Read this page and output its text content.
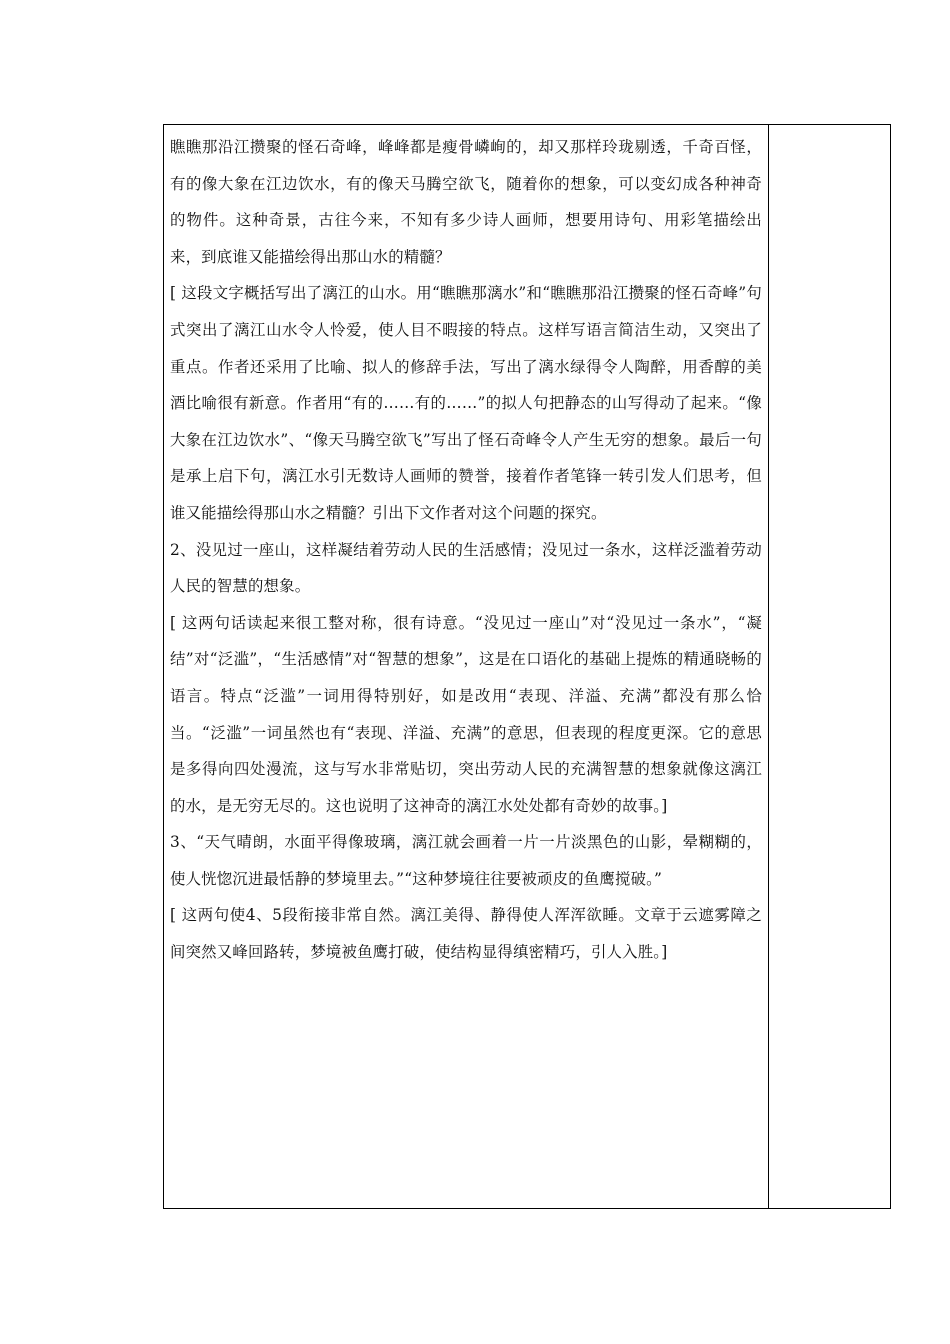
瞧瞧那沿江攒聚的怪石奇峰，峰峰都是瘦骨嶙峋的，却又那样玲珑剔透，千奇百怪，有的像大象在江边饮水，有的像天马腾空欲飞，随着你的想象，可以变幻成各种神奇的物件。这种奇景，古往今来，不知有多少诗人画师，想要用诗句、用彩笔描绘出来，到底谁又能描绘得出那山水的精髓？

[ 这段文字概括写出了漓江的山水。用“瞧瞧那漓水”和“瞧瞧那沿江攒聚的怪石奇峰”句式突出了漓江山水令人怜爱，使人目不暇接的特点。这样写语言简洁生动，又突出了重点。作者还采用了比喻、拟人的修辞手法，写出了漓水绿得令人陶醉，用香醇的美酒比喻很有新意。作者用“有的……有的……”的拟人句把静态的山写得动了起来。“像大象在江边饮水”、“像天马腾空欲飞”写出了怪石奇峰令人产生无穷的想象。最后一句是承上启下句，漓江水引无数诗人画师的赞誉，接着作者笔锋一转引发人们思考，但谁又能描绘得那山水之精髓？引出下文作者对这个问题的探究。

2、没见过一座山，这样凝结着劳动人民的生活感情；没见过一条水，这样泛滥着劳动人民的智慧的想象。

[ 这两句话读起来很工整对称，很有诗意。“没见过一座山”对“没见过一条水”，“凝结”对“泛滥”，“生活感情”对“智慧的想象”，这是在口语化的基础上提炼的精通晓畅的语言。特点“泛滥”一词用得特别好，如是改用“表现、洋溢、充满”都没有那么恰当。“泛滥”一词虽然也有“表现、洋溢、充满”的意思，但表现的程度更深。它的意思是多得向四处漫流，这与写水非常贴切，突出劳动人民的充满智慧的想象就像这漓江的水，是无穷无尽的。这也说明了这神奇的漓江水处处都有奇妙的故事。]

3、“天气晴朗，水面平得像玻璃，漓江就会画着一片一片淡黑色的山影，晕糊糊的，使人恍惚沉进最恬静的梦境里去。”“这种梦境往往要被顽皮的鱼鹰搅破。”

[ 这两句使4、5段衔接非常自然。漓江美得、静得使人浑浑欲睡。文章于云遮雾障之间突然又峰回路转，梦境被鱼鹰打破，使结构显得缜密精巧，引人入胜。]
